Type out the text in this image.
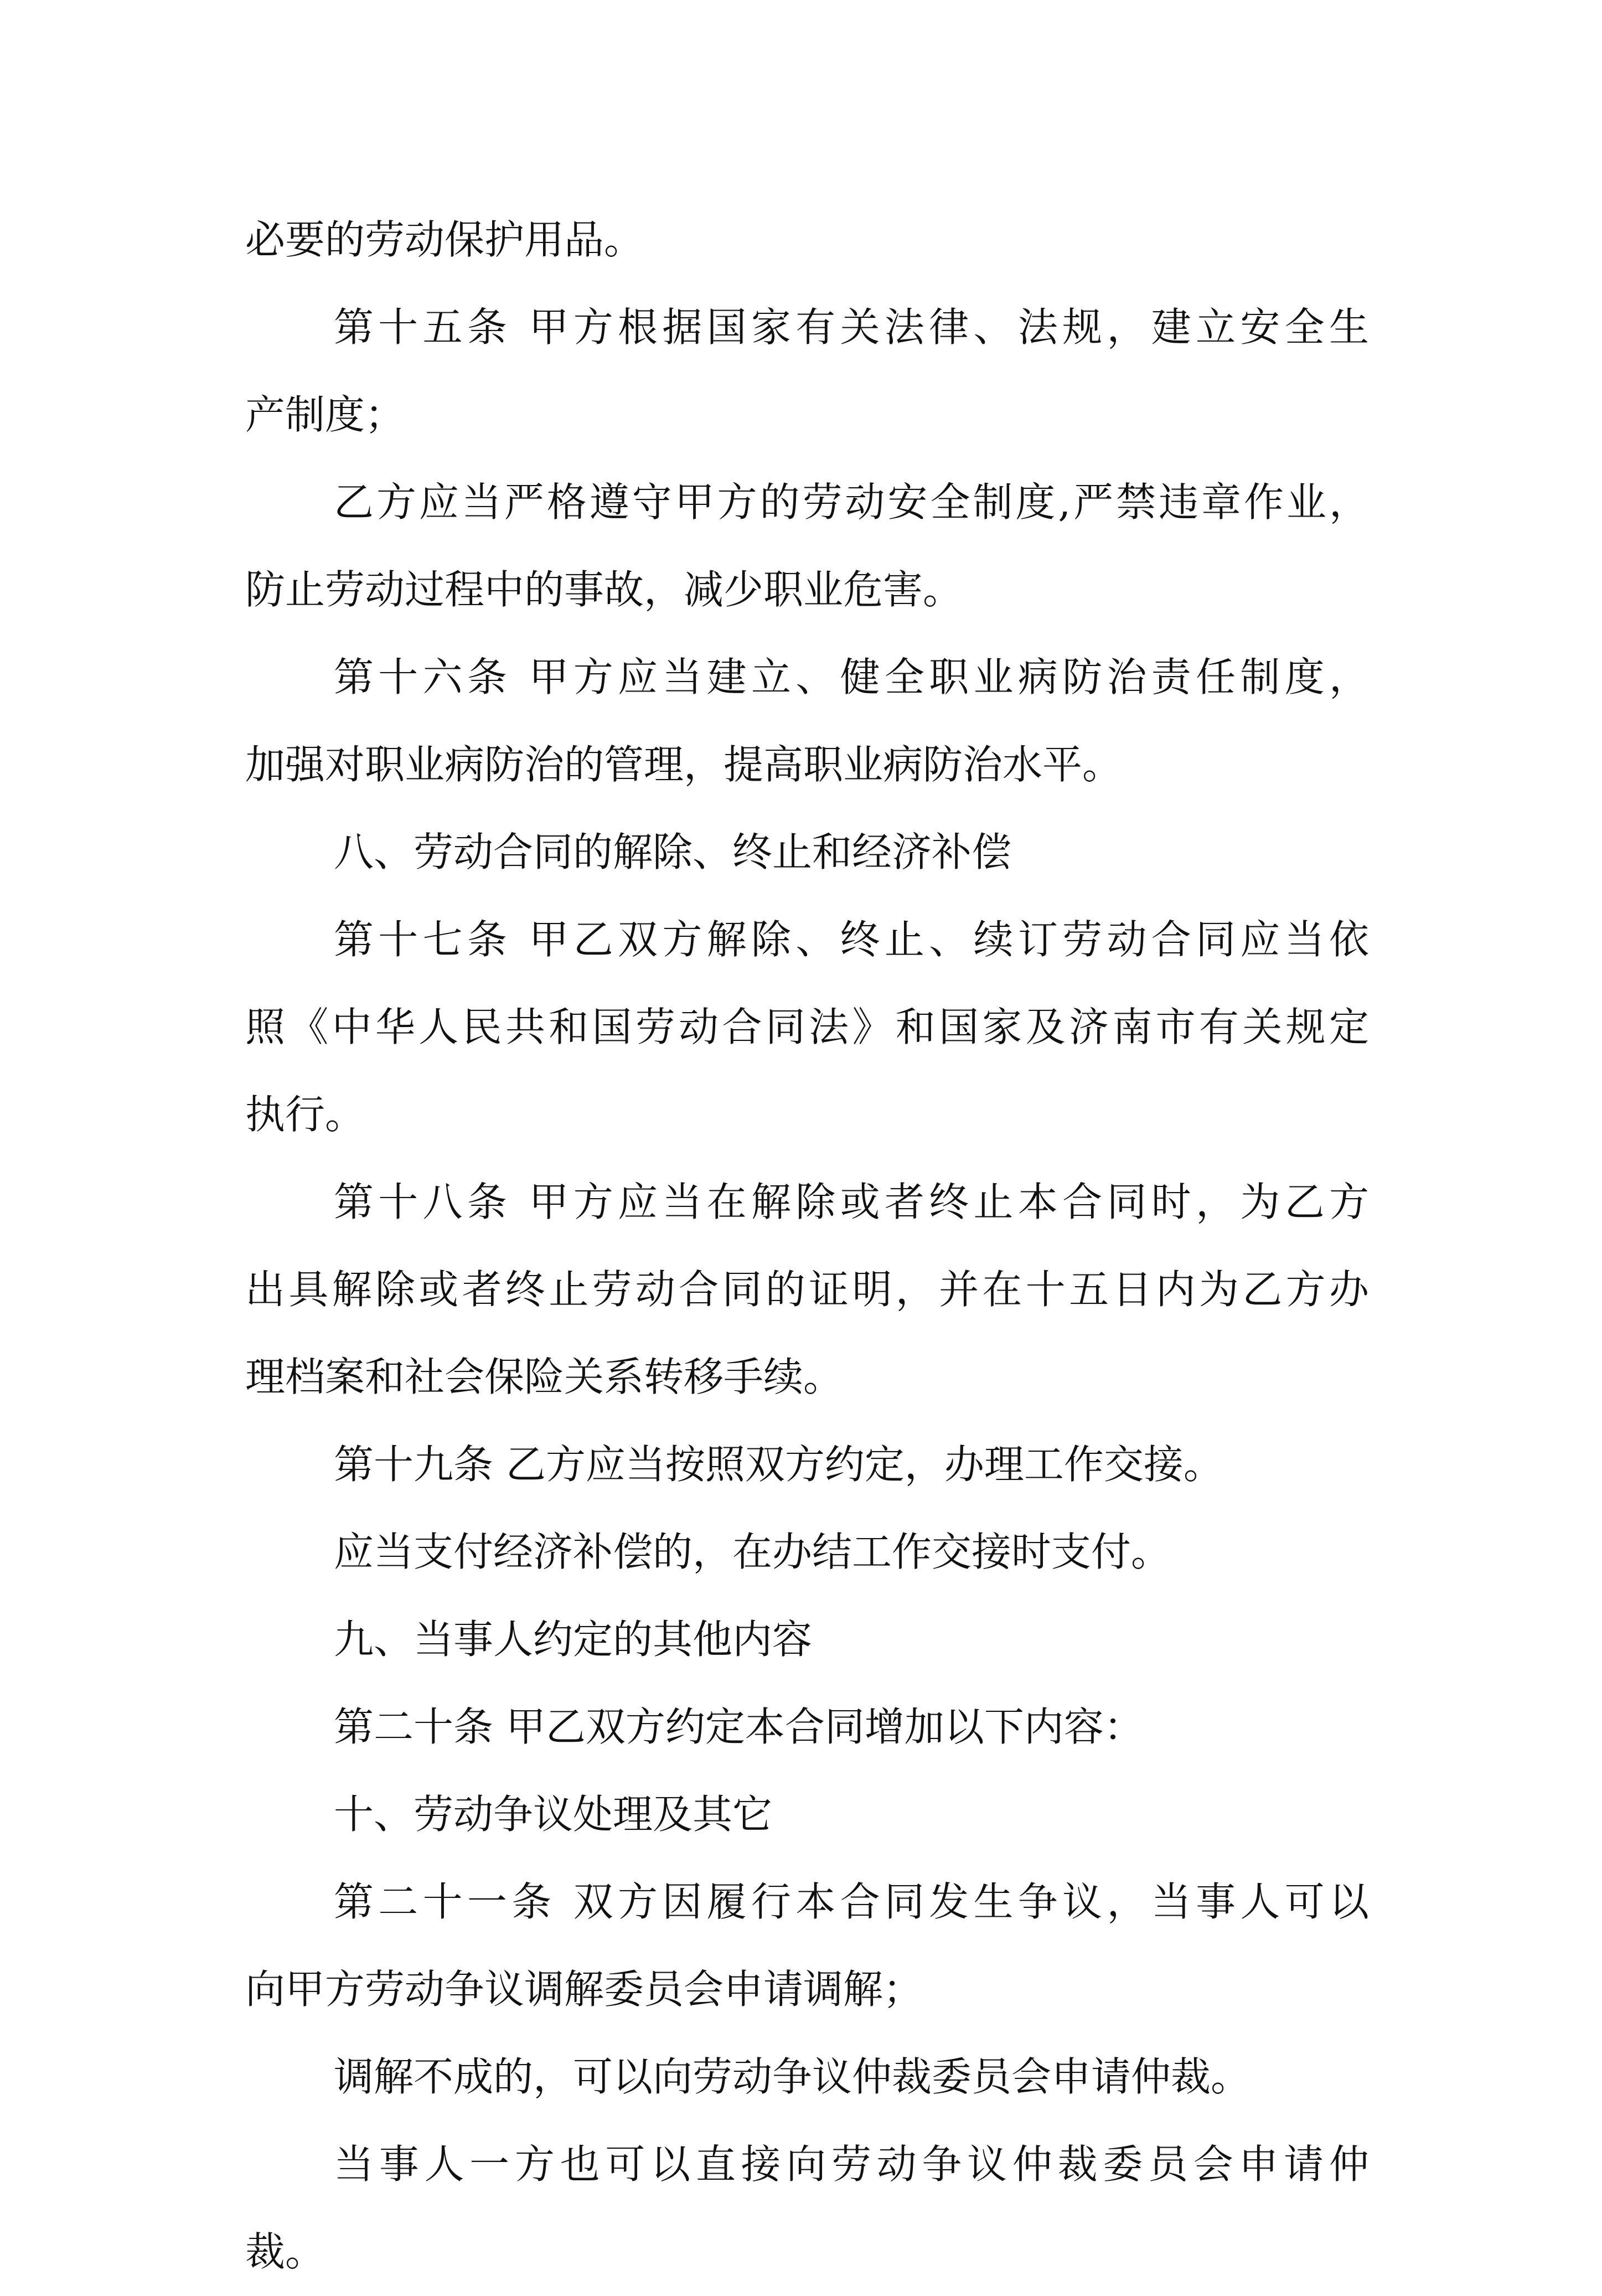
必要的劳动保护用品。
第十五条 甲方根据国家有关法律、法规，建立安全生
产制度；
乙方应当严格遵守甲方的劳动安全制度,严禁违章作业，
防止劳动过程中的事故，减少职业危害。
第十六条 甲方应当建立、健全职业病防治责任制度，
加强对职业病防治的管理，提高职业病防治水平。
八、劳动合同的解除、终止和经济补偿
第十七条 甲乙双方解除、终止、续订劳动合同应当依
照《中华人民共和国劳动合同法》和国家及济南市有关规定
执行。
第十八条 甲方应当在解除或者终止本合同时，为乙方
出具解除或者终止劳动合同的证明，并在十五日内为乙方办
理档案和社会保险关系转移手续。
第十九条 乙方应当按照双方约定，办理工作交接。
应当支付经济补偿的，在办结工作交接时支付。
九、当事人约定的其他内容
第二十条 甲乙双方约定本合同增加以下内容：
十、劳动争议处理及其它
第二十一条 双方因履行本合同发生争议，当事人可以
向甲方劳动争议调解委员会申请调解；
调解不成的，可以向劳动争议仲裁委员会申请仲裁。
当事人一方也可以直接向劳动争议仲裁委员会申请仲
裁。
